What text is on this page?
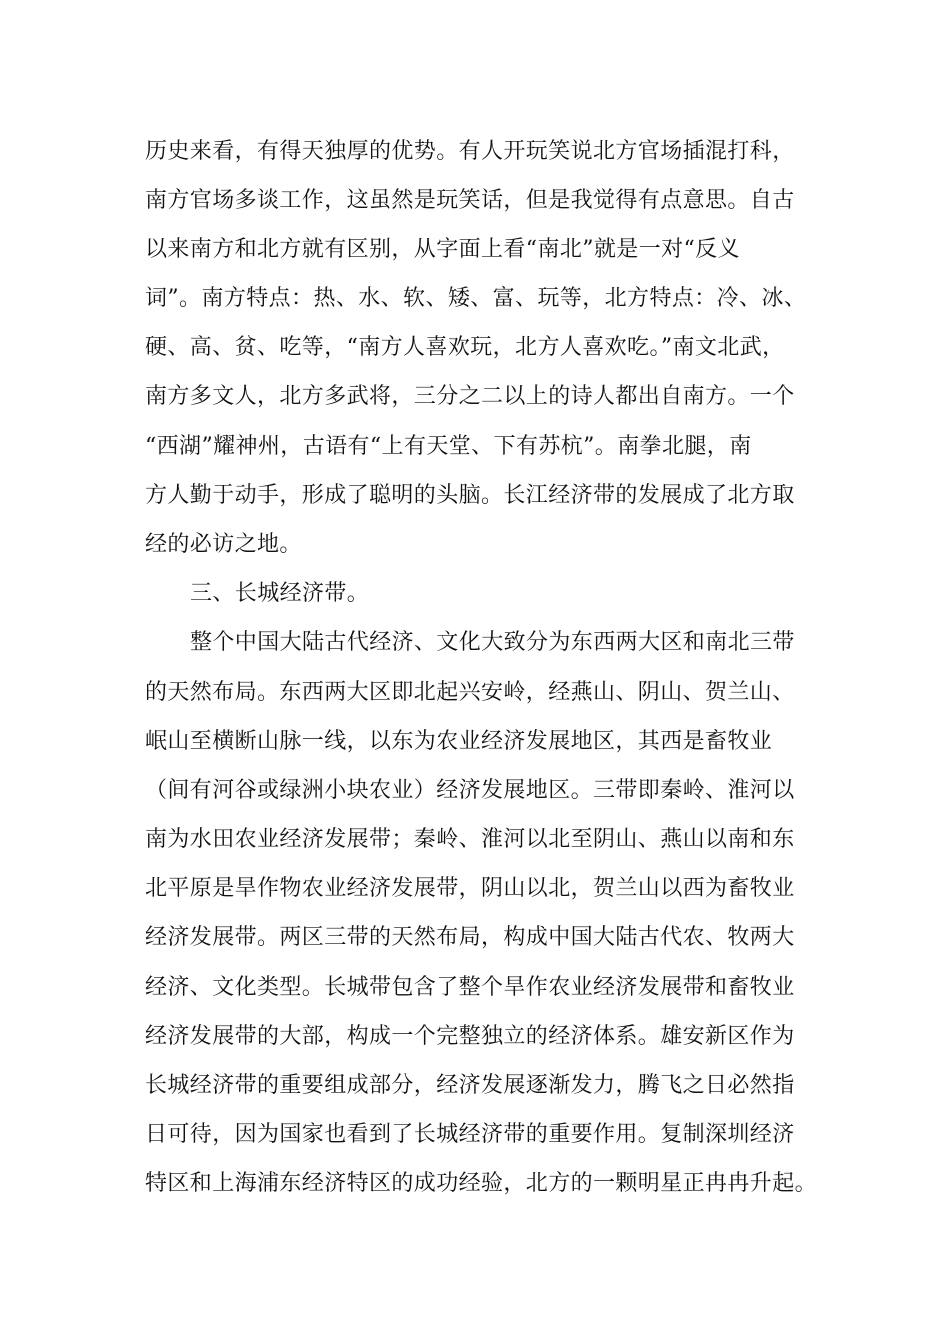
历史来看，有得天独厚的优势。有人开玩笑说北方官场插混打科，
南方官场多谈工作，这虽然是玩笑话，但是我觉得有点意思。自古
以来南方和北方就有区别，从字面上看“南北”就是一对“反义
词”。南方特点：热、水、软、矮、富、玩等，北方特点：冷、冰、
硬、高、贫、吃等，“南方人喜欢玩，北方人喜欢吃。”南文北武，
南方多文人，北方多武将，三分之二以上的诗人都出自南方。一个
“西湖”耀神州，古语有“上有天堂、下有苏杭”。南拳北腿，南
方人勤于动手，形成了聪明的头脑。长江经济带的发展成了北方取
经的必访之地。
三、长城经济带。
整个中国大陆古代经济、文化大致分为东西两大区和南北三带
的天然布局。东西两大区即北起兴安岭，经燕山、阴山、贺兰山、
岷山至横断山脉一线，以东为农业经济发展地区，其西是畜牧业
（间有河谷或绿洲小块农业）经济发展地区。三带即秦岭、淮河以
南为水田农业经济发展带；秦岭、淮河以北至阴山、燕山以南和东
北平原是旱作物农业经济发展带，阴山以北，贺兰山以西为畜牧业
经济发展带。两区三带的天然布局，构成中国大陆古代农、牧两大
经济、文化类型。长城带包含了整个旱作农业经济发展带和畜牧业
经济发展带的大部，构成一个完整独立的经济体系。雄安新区作为
长城经济带的重要组成部分，经济发展逐渐发力，腾飞之日必然指
日可待，因为国家也看到了长城经济带的重要作用。复制深圳经济
特区和上海浦东经济特区的成功经验，北方的一颗明星正冉冉升起。
